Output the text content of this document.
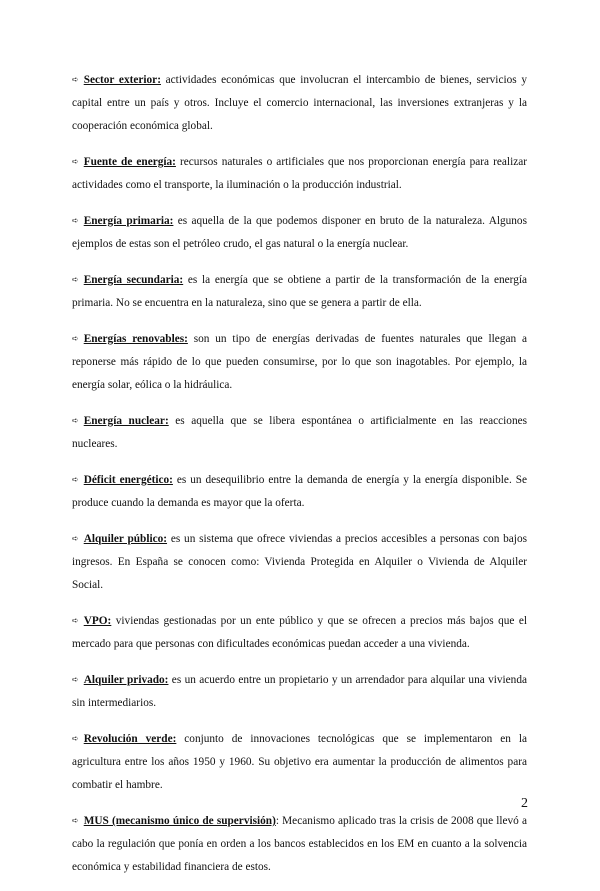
➪ Sector exterior: actividades económicas que involucran el intercambio de bienes, servicios y capital entre un país y otros. Incluye el comercio internacional, las inversiones extranjeras y la cooperación económica global.

➪ Fuente de energía: recursos naturales o artificiales que nos proporcionan energía para realizar actividades como el transporte, la iluminación o la producción industrial.

➪ Energía primaria: es aquella de la que podemos disponer en bruto de la naturaleza. Algunos ejemplos de estas son el petróleo crudo, el gas natural o la energía nuclear.

➪ Energía secundaria: es la energía que se obtiene a partir de la transformación de la energía primaria. No se encuentra en la naturaleza, sino que se genera a partir de ella.

➪ Energías renovables: son un tipo de energías derivadas de fuentes naturales que llegan a reponerse más rápido de lo que pueden consumirse, por lo que son inagotables. Por ejemplo, la energía solar, eólica o la hidráulica.

➪ Energía nuclear: es aquella que se libera espontánea o artificialmente en las reacciones nucleares.

➪ Déficit energético: es un desequilibrio entre la demanda de energía y la energía disponible. Se produce cuando la demanda es mayor que la oferta.

➪ Alquiler público: es un sistema que ofrece viviendas a precios accesibles a personas con bajos ingresos. En España se conocen como: Vivienda Protegida en Alquiler o Vivienda de Alquiler Social.

➪ VPO: viviendas gestionadas por un ente público y que se ofrecen a precios más bajos que el mercado para que personas con dificultades económicas puedan acceder a una vivienda.

➪ Alquiler privado: es un acuerdo entre un propietario y un arrendador para alquilar una vivienda sin intermediarios.

➪ Revolución verde: conjunto de innovaciones tecnológicas que se implementaron en la agricultura entre los años 1950 y 1960. Su objetivo era aumentar la producción de alimentos para combatir el hambre.

➪ MUS (mecanismo único de supervisión): Mecanismo aplicado tras la crisis de 2008 que llevó a cabo la regulación que ponía en orden a los bancos establecidos en los EM en cuanto a la solvencia económica y estabilidad financiera de estos.

2
